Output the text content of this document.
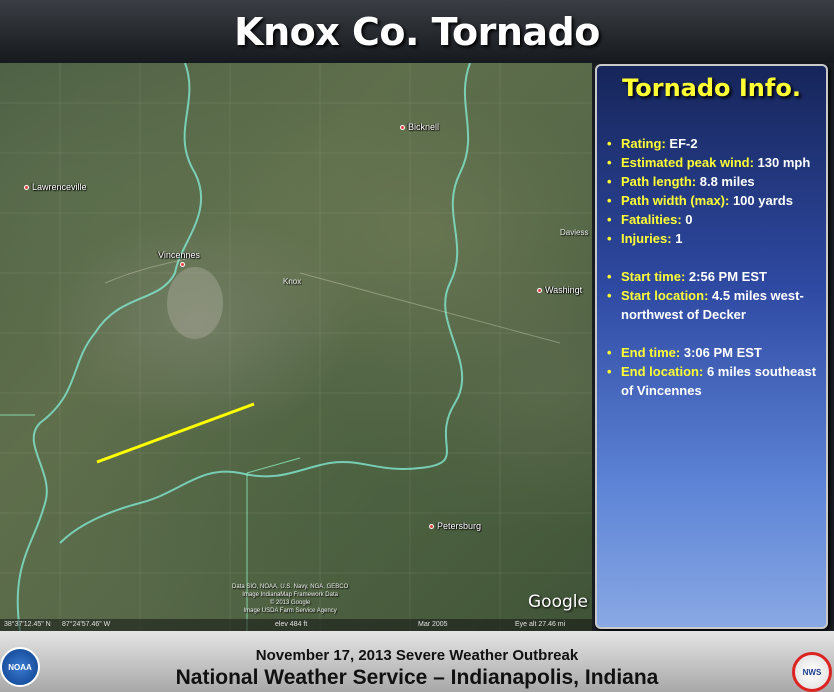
Knox Co. Tornado
Bicknell
Lawrenceville
Vincennes
Washingt
Petersburg
Knox
Daviess
Data SIO, NOAA, U.S. Navy, NGA, GEBCO
Image IndianaMap Framework Data
© 2013 Google
Image USDA Farm Service Agency	Google
38°37'12.45" N 87°24'57.46" W	elev 484 ft	Mar 2005	Eye alt 27.46 mi
Tornado Info.
• Rating: EF-2
• Estimated peak wind: 130 mph
• Path length: 8.8 miles
• Path width (max): 100 yards
• Fatalities: 0
• Injuries: 1
• Start time: 2:56 PM EST
• Start location: 4.5 miles west-northwest of Decker
• End time: 3:06 PM EST
• End location: 6 miles southeast of Vincennes
November 17, 2013 Severe Weather Outbreak
National Weather Service – Indianapolis, Indiana
NOAA
NWS
